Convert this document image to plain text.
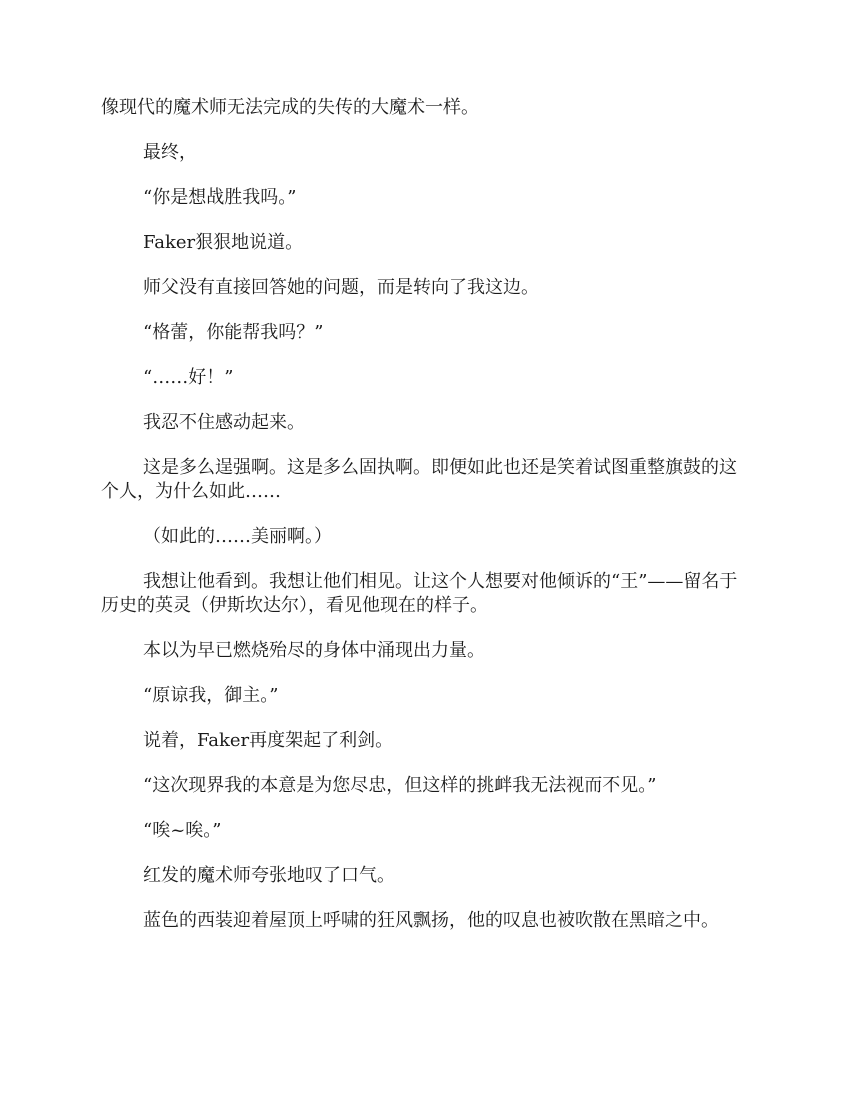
像现代的魔术师无法完成的失传的大魔术一样。

最终，

“你是想战胜我吗。”

Faker狠狠地说道。

师父没有直接回答她的问题，而是转向了我这边。

“格蕾，你能帮我吗？”

“……好！”

我忍不住感动起来。

这是多么逞强啊。这是多么固执啊。即便如此也还是笑着试图重整旗鼓的这个人，为什么如此……

（如此的……美丽啊。）

我想让他看到。我想让他们相见。让这个人想要对他倾诉的“王”——留名于历史的英灵（伊斯坎达尔），看见他现在的样子。

本以为早已燃烧殆尽的身体中涌现出力量。

“原谅我，御主。”

说着，Faker再度架起了利剑。

“这次现界我的本意是为您尽忠，但这样的挑衅我无法视而不见。”

“唉~唉。”

红发的魔术师夸张地叹了口气。

蓝色的西装迎着屋顶上呼啸的狂风飘扬，他的叹息也被吹散在黑暗之中。
